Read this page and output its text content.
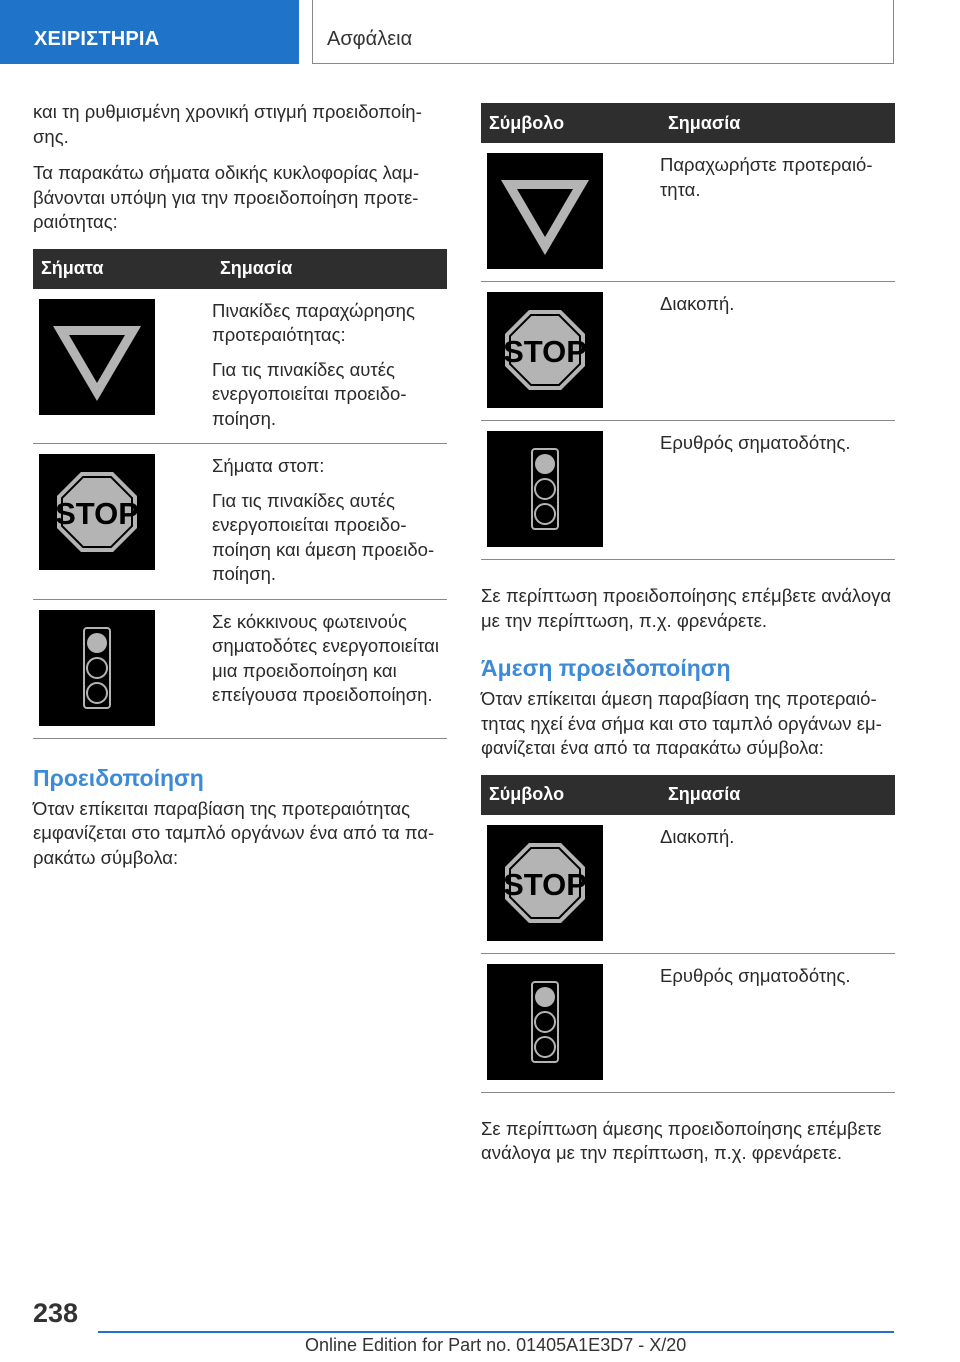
ΧΕΙΡΙΣΤΗΡΙΑ	Ασφάλεια

και τη ρυθμισμένη χρονική στιγμή προειδοποίησης.

Τα παρακάτω σήματα οδικής κυκλοφορίας λαμβάνονται υπόψη για την προειδοποίηση προτεραιότητας:

Σήματα	Σημασία

Πινακίδες παραχώρησης προτεραιότητας:

Για τις πινακίδες αυτές ενεργοποιείται προειδοποίηση.

STOP	Σήματα στοπ:

Για τις πινακίδες αυτές ενεργοποιείται προειδοποίηση και άμεση προειδοποίηση.

Σε κόκκινους φωτεινούς σηματοδότες ενεργοποιείται μια προειδοποίηση και επείγουσα προειδοποίηση.

Προειδοποίηση

Όταν επίκειται παραβίαση της προτεραιότητας εμφανίζεται στο ταμπλό οργάνων ένα από τα παρακάτω σύμβολα:

Σύμβολο	Σημασία

Παραχωρήστε προτεραιότητα.

STOP	Διακοπή.

Ερυθρός σηματοδότης.

Σε περίπτωση προειδοποίησης επέμβετε ανάλογα με την περίπτωση, π.χ. φρενάρετε.

Άμεση προειδοποίηση

Όταν επίκειται άμεση παραβίαση της προτεραιότητας ηχεί ένα σήμα και στο ταμπλό οργάνων εμφανίζεται ένα από τα παρακάτω σύμβολα:

Σύμβολο	Σημασία

STOP	Διακοπή.

Ερυθρός σηματοδότης.

Σε περίπτωση άμεσης προειδοποίησης επέμβετε ανάλογα με την περίπτωση, π.χ. φρενάρετε.

238
Online Edition for Part no. 01405A1E3D7 - X/20
